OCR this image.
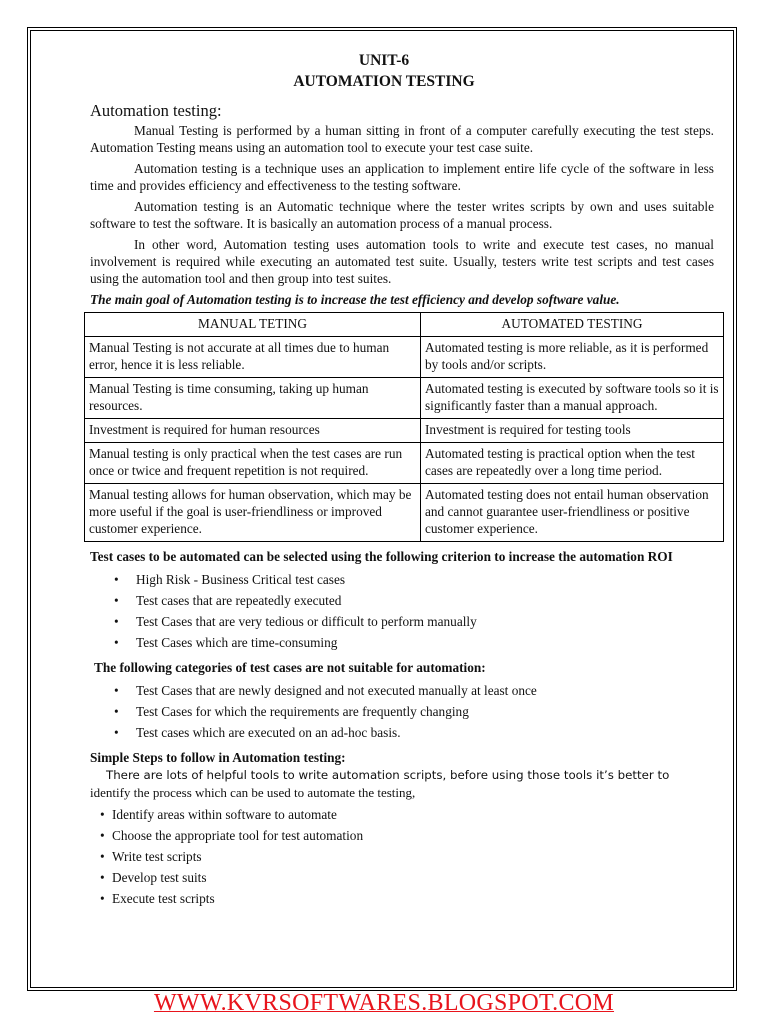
UNIT-6
AUTOMATION TESTING
Automation testing:

Manual Testing is performed by a human sitting in front of a computer carefully executing the test steps. Automation Testing means using an automation tool to execute your test case suite.

Automation testing is a technique uses an application to implement entire life cycle of the software in less time and provides efficiency and effectiveness to the testing software.

Automation testing is an Automatic technique where the tester writes scripts by own and uses suitable software to test the software. It is basically an automation process of a manual process.

In other word, Automation testing uses automation tools to write and execute test cases, no manual involvement is required while executing an automated test suite. Usually, testers write test scripts and test cases using the automation tool and then group into test suites.

The main goal of Automation testing is to increase the test efficiency and develop software value.
MANUAL TETING	AUTOMATED TESTING
Manual Testing is not accurate at all times due to human error, hence it is less reliable.	Automated testing is more reliable, as it is performed by tools and/or scripts.
Manual Testing is time consuming, taking up human resources.	Automated testing is executed by software tools so it is significantly faster than a manual approach.
Investment is required for human resources	Investment is required for testing tools
Manual testing is only practical when the test cases are run once or twice and frequent repetition is not required.	Automated testing is practical option when the test cases are repeatedly over a long time period.
Manual testing allows for human observation, which may be more useful if the goal is user-friendliness or improved customer experience.	Automated testing does not entail human observation and cannot guarantee user-friendliness or positive customer experience.
Test cases to be automated can be selected using the following criterion to increase the automation ROI
• High Risk - Business Critical test cases
• Test cases that are repeatedly executed
• Test Cases that are very tedious or difficult to perform manually
• Test Cases which are time-consuming
The following categories of test cases are not suitable for automation:
• Test Cases that are newly designed and not executed manually at least once
• Test Cases for which the requirements are frequently changing
• Test cases which are executed on an ad-hoc basis.
Simple Steps to follow in Automation testing:
There are lots of helpful tools to write automation scripts, before using those tools it’s better to
identify the process which can be used to automate the testing,
• Identify areas within software to automate
• Choose the appropriate tool for test automation
• Write test scripts
• Develop test suits
• Execute test scripts
WWW.KVRSOFTWARES.BLOGSPOT.COM
